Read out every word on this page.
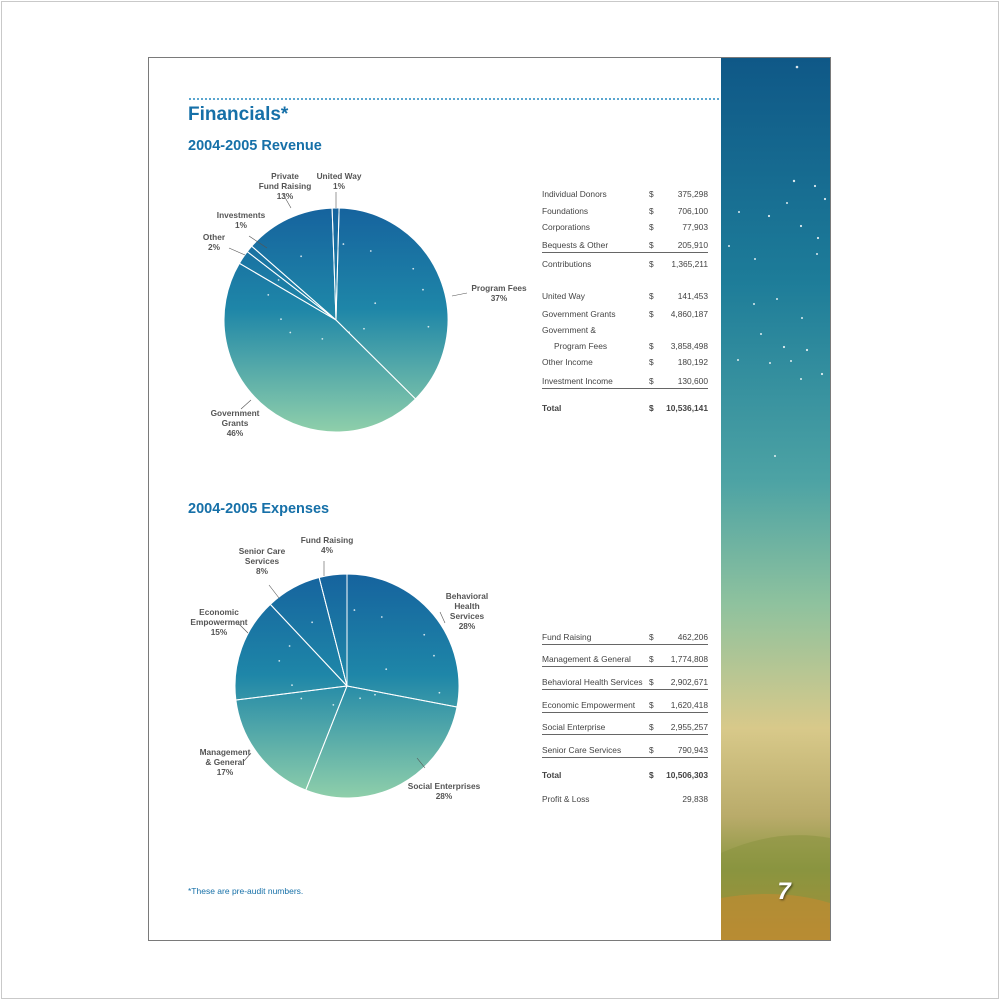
7
Financials*
2004-2005 Revenue
2004-2005 Expenses
Private
Fund Raising
13%
United Way
1%
Investments
1%
Other
2%
Program Fees
37%
Government
Grants
46%
Fund Raising
4%
Senior Care
Services
8%
Economic
Empowerment
15%
Behavioral
Health
Services
28%
Management
& General
17%
Social Enterprises
28%
Individual Donors	$	375,298
Foundations	$	706,100
Corporations	$	77,903
Bequests & Other	$	205,910
Contributions	$ 1,365,211
United Way	$	141,453
Government Grants	$ 4,860,187
Government &
Program Fees	$ 3,858,498
Other Income	$	180,192
Investment Income	$	130,600
Total	$ 10,536,141
Fund Raising	$	462,206
Management & General $ 1,774,808
Behavioral Health Services $ 2,902,671
Economic Empowerment $ 1,620,418
Social Enterprise	$ 2,955,257
Senior Care Services	$	790,943
Total	$ 10,506,303
Profit & Loss	29,838
*These are pre-audit numbers.
